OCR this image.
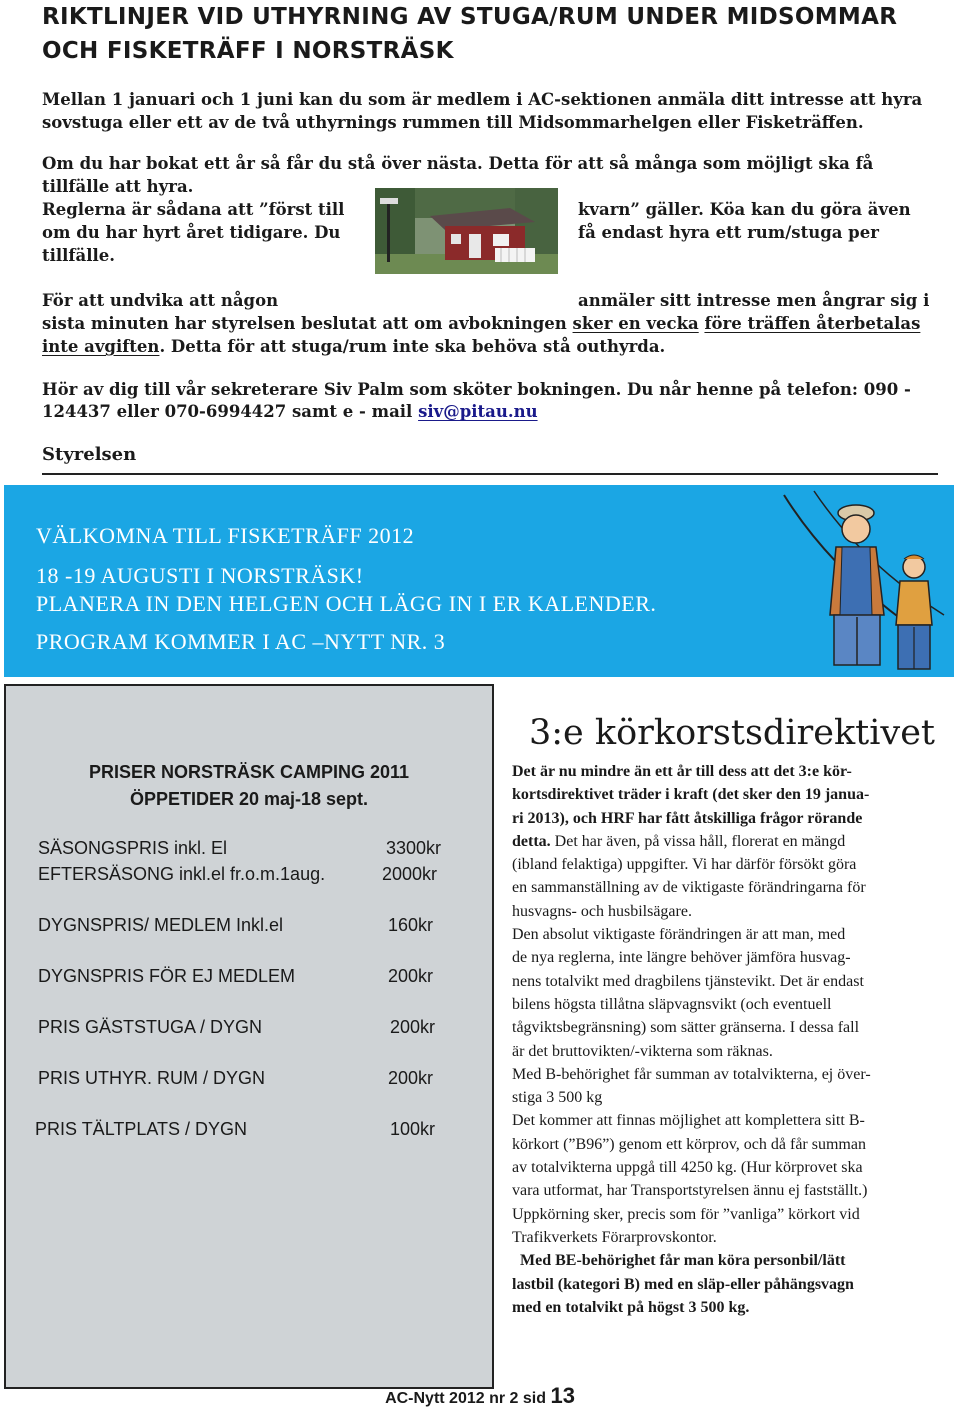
RIKTLINJER VID UTHYRNING AV STUGA/RUM UNDER MIDSOMMAR
OCH FISKETRÄFF I NORSTRÄSK
Mellan 1 januari och 1 juni kan du som är medlem i AC-sektionen anmäla ditt intresse att hyra
sovstuga eller ett av de två uthyrnings rummen till Midsommarhelgen eller Fisketräffen.
Om du har bokat ett år så får du stå över nästa. Detta för att så många som möjligt ska få
tillfälle att hyra.
Reglerna är sådana att ”först till	kvarn” gäller. Köa kan du göra även
om du har hyrt året tidigare. Du	få endast hyra ett rum/stuga per
tillfälle.
För att undvika att någon	anmäler sitt intresse men ångrar sig i
sista minuten har styrelsen beslutat att om avbokningen sker en vecka före träffen återbetalas
inte avgiften. Detta för att stuga/rum inte ska behöva stå outhyrda.
Hör av dig till vår sekreterare Siv Palm som sköter bokningen. Du når henne på telefon: 090 -
124437 eller 070-6994427 samt e - mail siv@pitau.nu
Styrelsen
VÄLKOMNA TILL FISKETRÄFF 2012
18 -19 AUGUSTI I NORSTRÄSK!
PLANERA IN DEN HELGEN OCH LÄGG IN I ER KALENDER.
PROGRAM KOMMER I AC –NYTT NR. 3
PRISER NORSTRÄSK CAMPING 2011
ÖPPETIDER 20 maj-18 sept.
SÄSONGSPRIS inkl. El	3300kr
EFTERSÄSONG inkl.el fr.o.m.1aug.	2000kr
DYGNSPRIS/ MEDLEM Inkl.el	160kr
DYGNSPRIS FÖR EJ MEDLEM	200kr
PRIS GÄSTSTUGA / DYGN	200kr
PRIS UTHYR. RUM / DYGN	200kr
PRIS TÄLTPLATS / DYGN	100kr
3:e körkorstsdirektivet
Det är nu mindre än ett år till dess att det 3:e kör-
kortsdirektivet träder i kraft (det sker den 19 janua-
ri 2013), och HRF har fått åtskilliga frågor rörande
detta. Det har även, på vissa håll, florerat en mängd
(ibland felaktiga) uppgifter. Vi har därför försökt göra
en sammanställning av de viktigaste förändringarna för
husvagns- och husbilsägare.
Den absolut viktigaste förändringen är att man, med
de nya reglerna, inte längre behöver jämföra husvag-
nens totalvikt med dragbilens tjänstevikt. Det är endast
bilens högsta tillåtna släpvagnsvikt (och eventuell
tågviktsbegränsning) som sätter gränserna. I dessa fall
är det bruttovikten/-vikterna som räknas.
Med B-behörighet får summan av totalvikterna, ej över-
stiga 3 500 kg
Det kommer att finnas möjlighet att komplettera sitt B-
körkort (”B96”) genom ett körprov, och då får summan
av totalvikterna uppgå till 4250 kg. (Hur körprovet ska
vara utformat, har Transportstyrelsen ännu ej fastställt.)
Uppkörning sker, precis som för ”vanliga” körkort vid
Trafikverkets Förarprovskontor.
Med BE-behörighet får man köra personbil/lätt
lastbil (kategori B) med en släp-eller påhängsvagn
med en totalvikt på högst 3 500 kg.
AC-Nytt 2012 nr 2 sid 13
